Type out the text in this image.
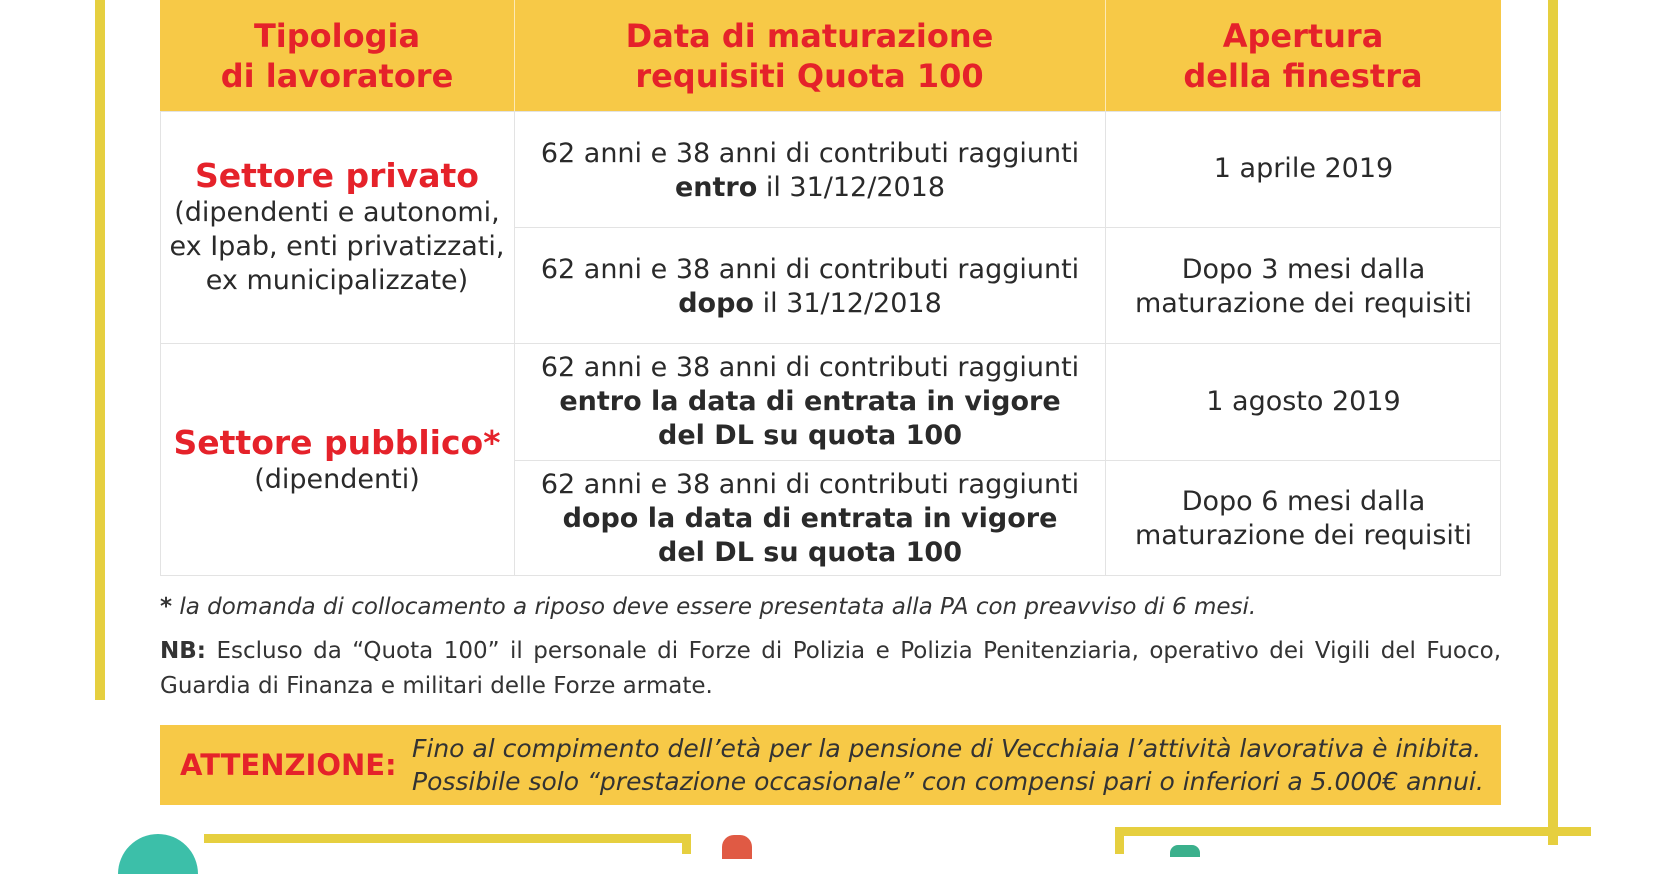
Tipologia
di lavoratore
Data di maturazione
requisiti Quota 100
Apertura
della finestra
Settore privato
(dipendenti e autonomi,
ex Ipab, enti privatizzati,
ex municipalizzate)
Settore pubblico*
(dipendenti)
62 anni e 38 anni di contributi raggiunti
entro il 31/12/2018
1 aprile 2019
62 anni e 38 anni di contributi raggiunti
dopo il 31/12/2018
Dopo 3 mesi dalla
maturazione dei requisiti
62 anni e 38 anni di contributi raggiunti
entro la data di entrata in vigore
del DL su quota 100
1 agosto 2019
62 anni e 38 anni di contributi raggiunti
dopo la data di entrata in vigore
del DL su quota 100
Dopo 6 mesi dalla
maturazione dei requisiti
* la domanda di collocamento a riposo deve essere presentata alla PA con preavviso di 6 mesi.
NB: Escluso da “Quota 100” il personale di Forze di Polizia e Polizia Penitenziaria, operativo dei Vigili del Fuoco, Guardia di Finanza e militari delle Forze armate.
ATTENZIONE: Fino al compimento dell’età per la pensione di Vecchiaia l’attività lavorativa è inibita.
Possibile solo “prestazione occasionale” con compensi pari o inferiori a 5.000€ annui.
